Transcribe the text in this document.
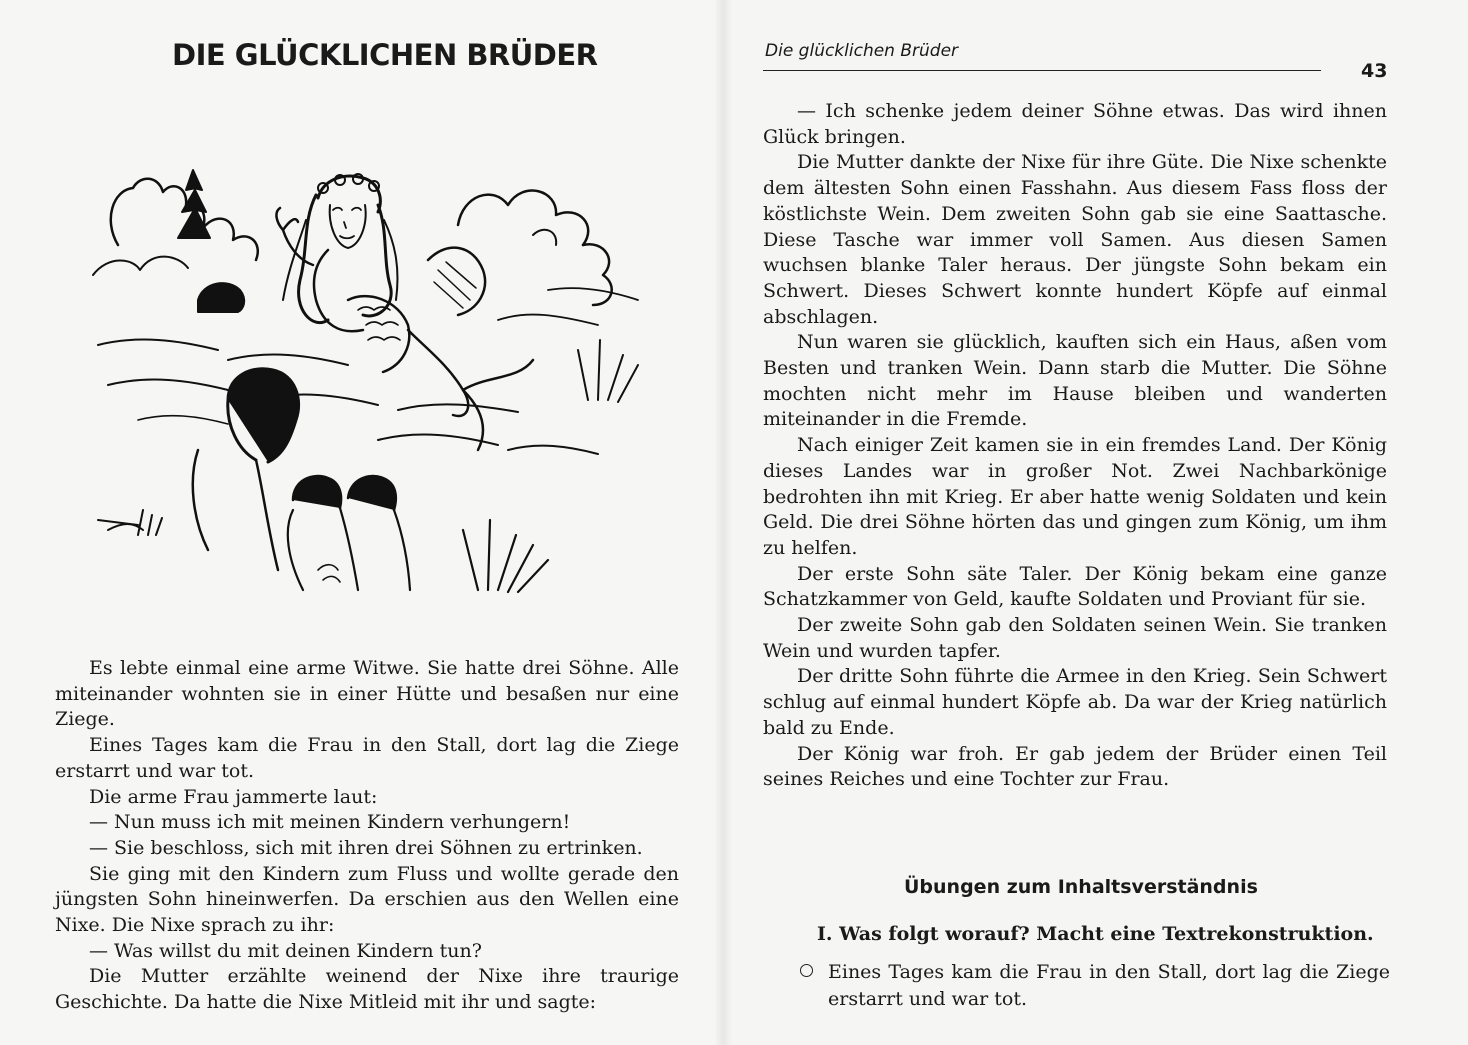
DIE GLÜCKLICHEN BRÜDER

Es lebte einmal eine arme Witwe. Sie hatte drei Söhne. Alle miteinander wohnten sie in einer Hütte und besaßen nur eine Ziege.

Eines Tages kam die Frau in den Stall, dort lag die Ziege erstarrt und war tot.

Die arme Frau jammerte laut:

— Nun muss ich mit meinen Kindern verhungern!

— Sie beschloss, sich mit ihren drei Söhnen zu ertrinken.

Sie ging mit den Kindern zum Fluss und wollte gerade den jüngsten Sohn hineinwerfen. Da erschien aus den Wellen eine Nixe. Die Nixe sprach zu ihr:

— Was willst du mit deinen Kindern tun?

Die Mutter erzählte weinend der Nixe ihre traurige Geschichte. Da hatte die Nixe Mitleid mit ihr und sagte:

Die glücklichen Brüder
43

— Ich schenke jedem deiner Söhne etwas. Das wird ihnen Glück bringen.

Die Mutter dankte der Nixe für ihre Güte. Die Nixe schenkte dem ältesten Sohn einen Fasshahn. Aus diesem Fass floss der köstlichste Wein. Dem zweiten Sohn gab sie eine Saattasche. Diese Tasche war immer voll Samen. Aus diesen Samen wuchsen blanke Taler heraus. Der jüngste Sohn bekam ein Schwert. Dieses Schwert konnte hundert Köpfe auf einmal abschlagen.

Nun waren sie glücklich, kauften sich ein Haus, aßen vom Besten und tranken Wein. Dann starb die Mutter. Die Söhne mochten nicht mehr im Hause bleiben und wanderten miteinander in die Fremde.

Nach einiger Zeit kamen sie in ein fremdes Land. Der König dieses Landes war in großer Not. Zwei Nachbarkönige bedrohten ihn mit Krieg. Er aber hatte wenig Soldaten und kein Geld. Die drei Söhne hörten das und gingen zum König, um ihm zu helfen.

Der erste Sohn säte Taler. Der König bekam eine ganze Schatzkammer von Geld, kaufte Soldaten und Proviant für sie.

Der zweite Sohn gab den Soldaten seinen Wein. Sie tranken Wein und wurden tapfer.

Der dritte Sohn führte die Armee in den Krieg. Sein Schwert schlug auf einmal hundert Köpfe ab. Da war der Krieg natürlich bald zu Ende.

Der König war froh. Er gab jedem der Brüder einen Teil seines Reiches und eine Tochter zur Frau.

Übungen zum Inhaltsverständnis
I. Was folgt worauf? Macht eine Textrekonstruktion.
Eines Tages kam die Frau in den Stall, dort lag die Ziege erstarrt und war tot.
